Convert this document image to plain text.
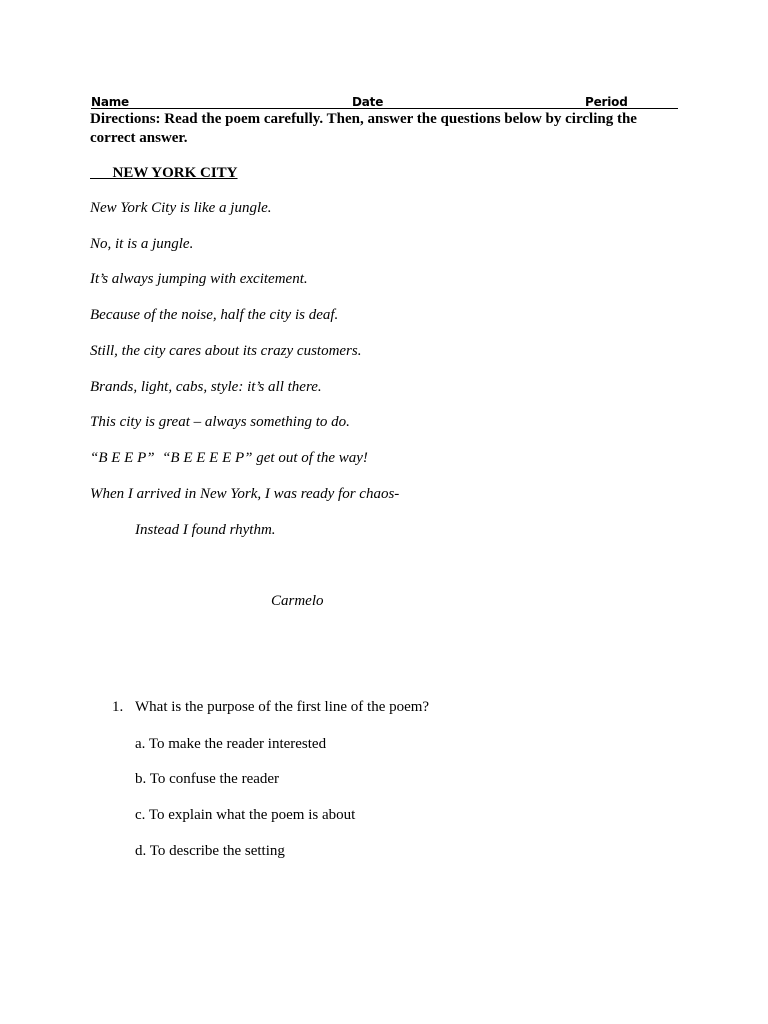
Name	Date	Period
Directions: Read the poem carefully. Then, answer the questions below by circling the correct answer.
NEW YORK CITY
New York City is like a jungle.
No, it is a jungle.
It’s always jumping with excitement.
Because of the noise, half the city is deaf.
Still, the city cares about its crazy customers.
Brands, light, cabs, style: it’s all there.
This city is great – always something to do.
“B E E P”  “B E E E E P” get out of the way!
When I arrived in New York, I was ready for chaos-
Instead I found rhythm.
Carmelo
1. What is the purpose of the first line of the poem?
a. To make the reader interested
b. To confuse the reader
c. To explain what the poem is about
d. To describe the setting
